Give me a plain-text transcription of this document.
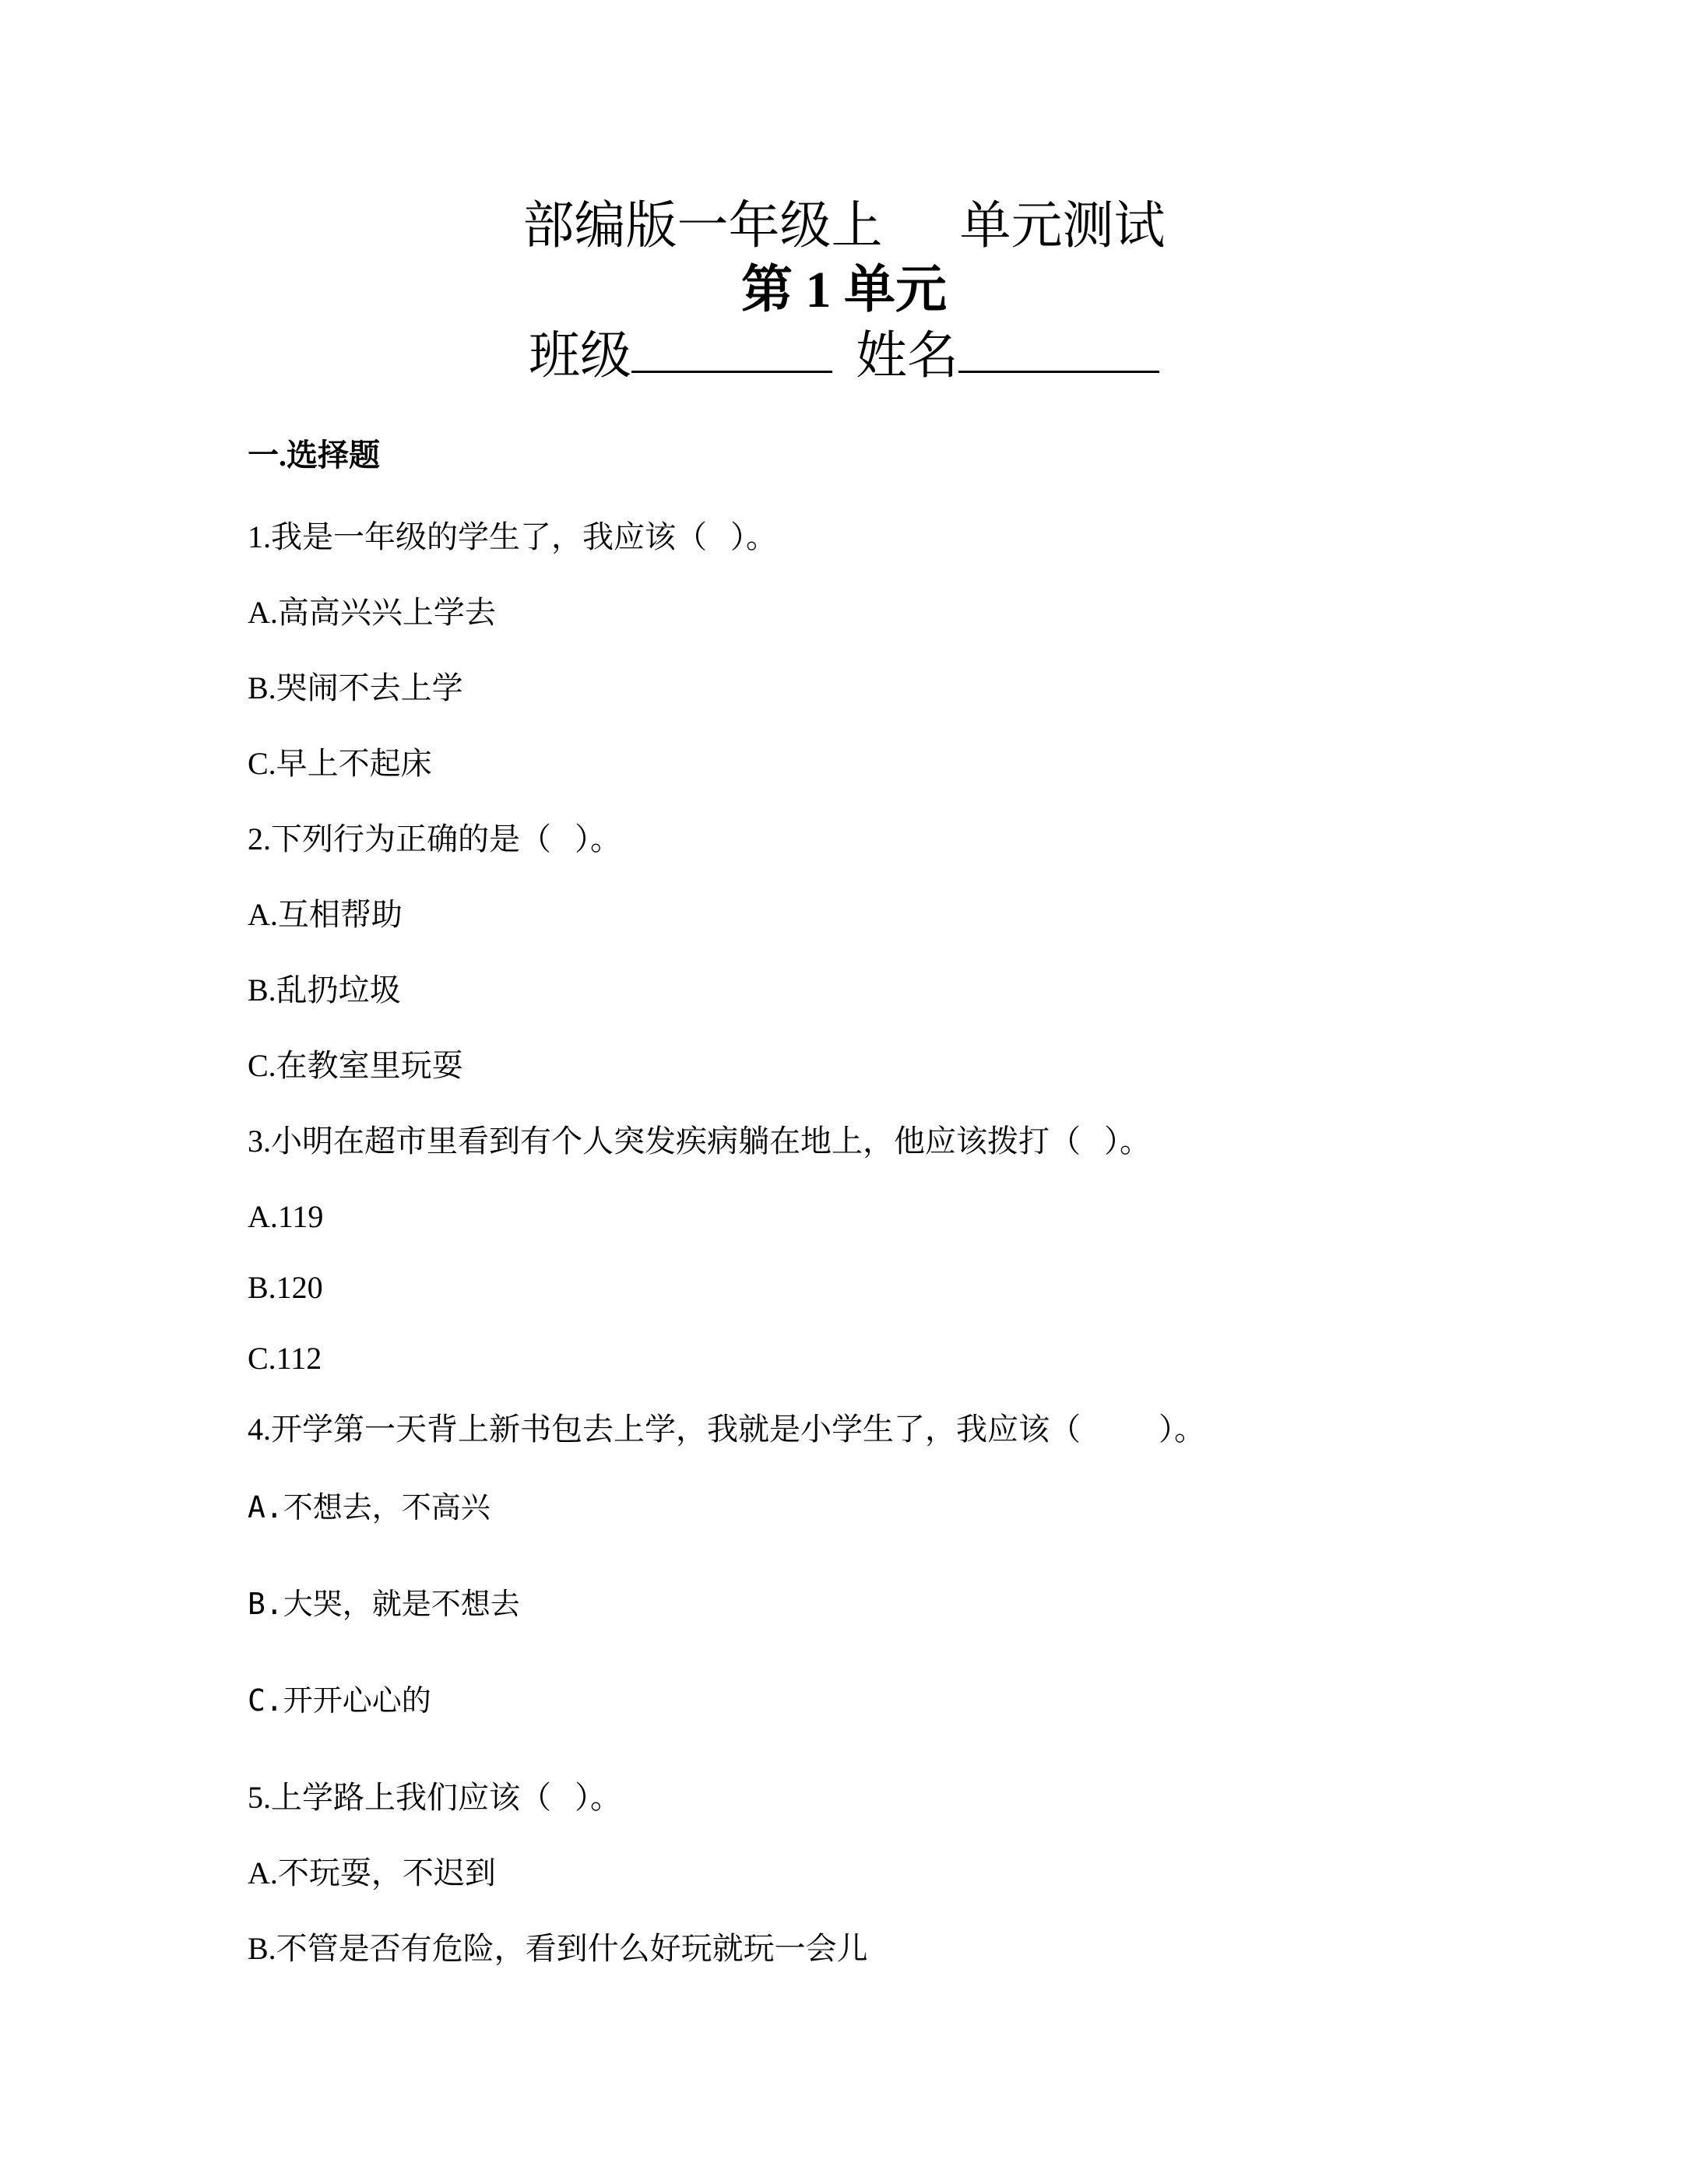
部编版一年级上      单元测试
第 1 单元
班级	姓名
一.选择题
1.我是一年级的学生了，我应该（   ）。
A.高高兴兴上学去
B.哭闹不去上学
C.早上不起床
2.下列行为正确的是（   ）。
A.互相帮助
B.乱扔垃圾
C.在教室里玩耍
3.小明在超市里看到有个人突发疾病躺在地上，他应该拨打（   ）。
A.119
B.120
C.112
4.开学第一天背上新书包去上学，我就是小学生了，我应该（          ）。
A.不想去，不高兴
B.大哭，就是不想去
C.开开心心的
5.上学路上我们应该（   ）。
A.不玩耍，不迟到
B.不管是否有危险，看到什么好玩就玩一会儿
